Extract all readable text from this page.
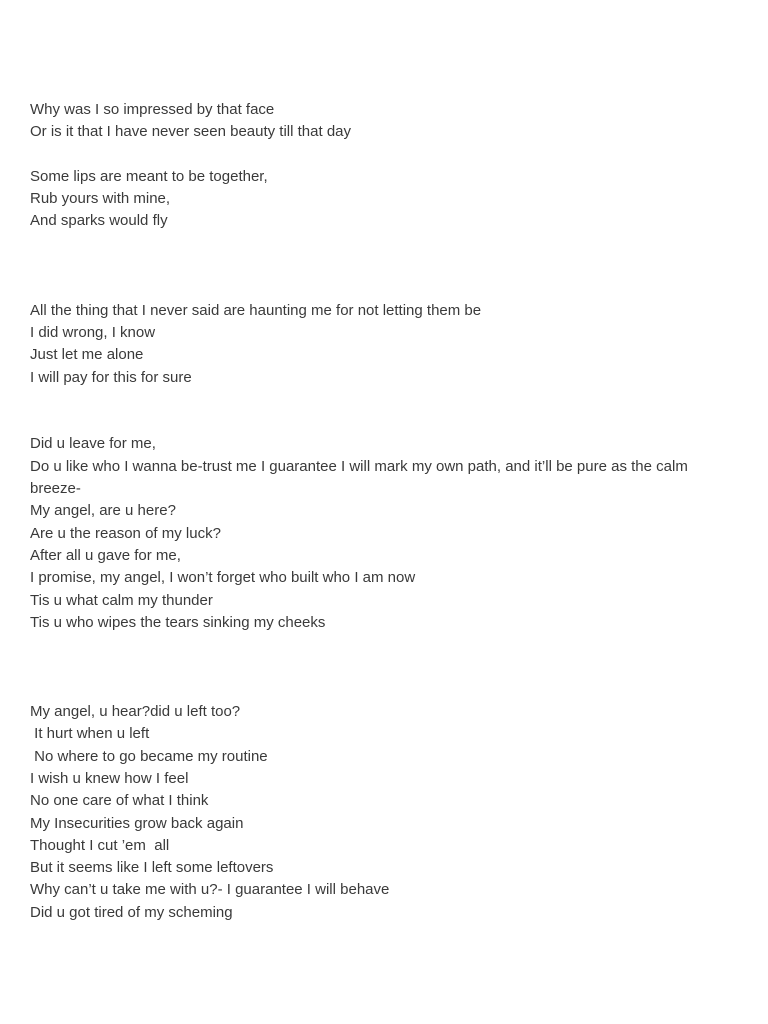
Why was I so impressed by that face
Or is it that I have never seen beauty till that day
Some lips are meant to be together,
Rub yours with mine,
And sparks would fly
All the thing that I never said are haunting me for not letting them be
I did wrong, I know
Just let me alone
I will pay for this for sure
Did u leave for me,
Do u like who I wanna be-trust me I guarantee I will mark my own path, and it’ll be pure as the calm breeze-
My angel, are u here?
Are u the reason of my luck?
After all u gave for me,
I promise, my angel, I won’t forget who built who I am now
Tis u what calm my thunder
Tis u who wipes the tears sinking my cheeks
My angel, u hear?did u left too?
It hurt when u left
No where to go became my routine
I wish u knew how I feel
No one care of what I think
My Insecurities grow back again
Thought I cut ’em  all
But it seems like I left some leftovers
Why can’t u take me with u?- I guarantee I will behave
Did u got tired of my scheming
